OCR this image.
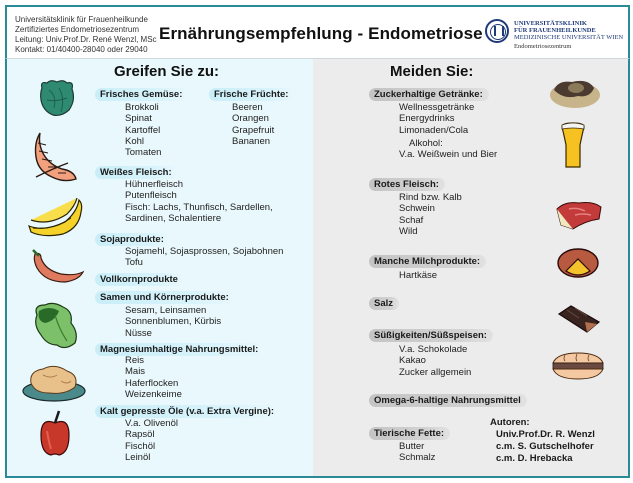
Universitätsklinik für Frauenheilkunde
Zertifiziertes Endometriosezentrum
Leitung: Univ.Prof.Dr. René Wenzl, MSc
Kontakt: 01/40400-28040 oder 29040
Ernährungsempfehlung - Endometriose
UNIVERSITÄTSKLINIK
FÜR FRAUENHEILKUNDE
MEDIZINISCHE UNIVERSITÄT WIEN
Endometriosezentrum
Greifen Sie zu:
Frisches Gemüse:
Brokkoli
Spinat
Kartoffel
Kohl
Tomaten
Frische Früchte:
Beeren
Orangen
Grapefruit
Bananen
Weißes Fleisch:
Hühnerfleisch
Putenfleisch
Fisch: Lachs, Thunfisch, Sardellen,
Sardinen, Schalentiere
Sojaprodukte:
Sojamehl, Sojasprossen, Sojabohnen
Tofu
Vollkornprodukte
Samen und Körnerprodukte:
Sesam, Leinsamen
Sonnenblumen, Kürbis
Nüsse
Magnesiumhaltige Nahrungsmittel:
Reis
Mais
Haferflocken
Weizenkeime
Kalt gepresste Öle (v.a. Extra Vergine):
V.a. Olivenöl
Rapsöl
Fischöl
Leinöl
Meiden Sie:
Zuckerhaltige Getränke:
Wellnessgetränke
Energydrinks
Limonaden/Cola
Alkohol:
V.a. Weißwein und Bier
Rotes Fleisch:
Rind bzw. Kalb
Schwein
Schaf
Wild
Manche Milchprodukte:
Hartkäse
Salz
Süßigkeiten/Süßspeisen:
V.a. Schokolade
Kakao
Zucker allgemein
Omega-6-haltige Nahrungsmittel
Tierische Fette:
Butter
Schmalz
Autoren:
Univ.Prof.Dr. R. Wenzl
c.m. S. Gutschelhofer
c.m. D. Hrebacka
